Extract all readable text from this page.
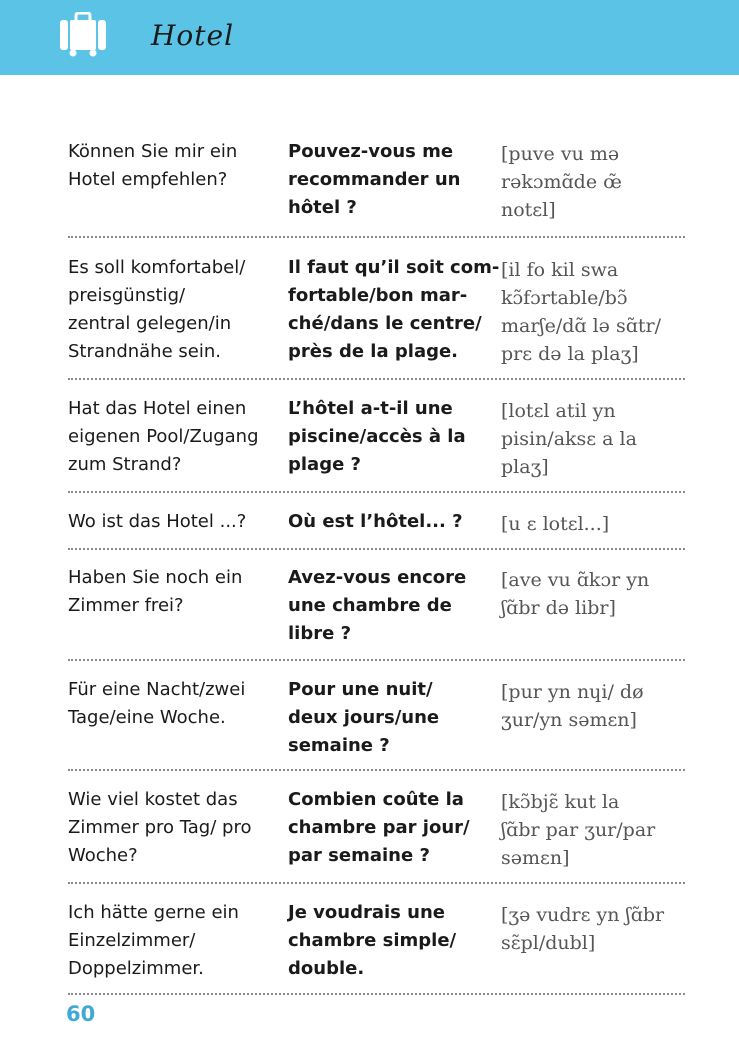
Hotel
Können Sie mir ein
Hotel empfehlen?
Pouvez-vous me
recommander un
hôtel ?
[puve vu mə
rəkɔmɑ̃de œ̃
notɛl]
Es soll komfortabel/
preisgünstig/
zentral gelegen/in
Strandnähe sein.
Il faut qu’il soit com-
fortable/bon mar-
ché/dans le centre/
près de la plage.
[il fo kil swa
kɔ̃fɔrtable/bɔ̃
marʃe/dɑ̃ lə sɑ̃tr/
prɛ də la plaʒ]
Hat das Hotel einen
eigenen Pool/Zugang
zum Strand?
L’hôtel a-t-il une
piscine/accès à la
plage ?
[lotɛl atil yn
pisin/aksɛ a la
plaʒ]
Wo ist das Hotel ...?	Où est l’hôtel... ?	[u ɛ lotɛl...]
Haben Sie noch ein
Zimmer frei?
Avez-vous encore
une chambre de
libre ?
[ave vu ɑ̃kɔr yn
ʃɑ̃br də libr]
Für eine Nacht/zwei
Tage/eine Woche.
Pour une nuit/
deux jours/une
semaine ?
[pur yn nɥi/ dø
ʒur/yn səmɛn]
Wie viel kostet das
Zimmer pro Tag/ pro
Woche?
Combien coûte la
chambre par jour/
par semaine ?
[kɔ̃bjɛ̃ kut la
ʃɑ̃br par ʒur/par
səmɛn]
Ich hätte gerne ein
Einzelzimmer/
Doppelzimmer.
Je voudrais une
chambre simple/
double.
[ʒə vudrɛ yn ʃɑ̃br
sɛ̃pl/dubl]
60
